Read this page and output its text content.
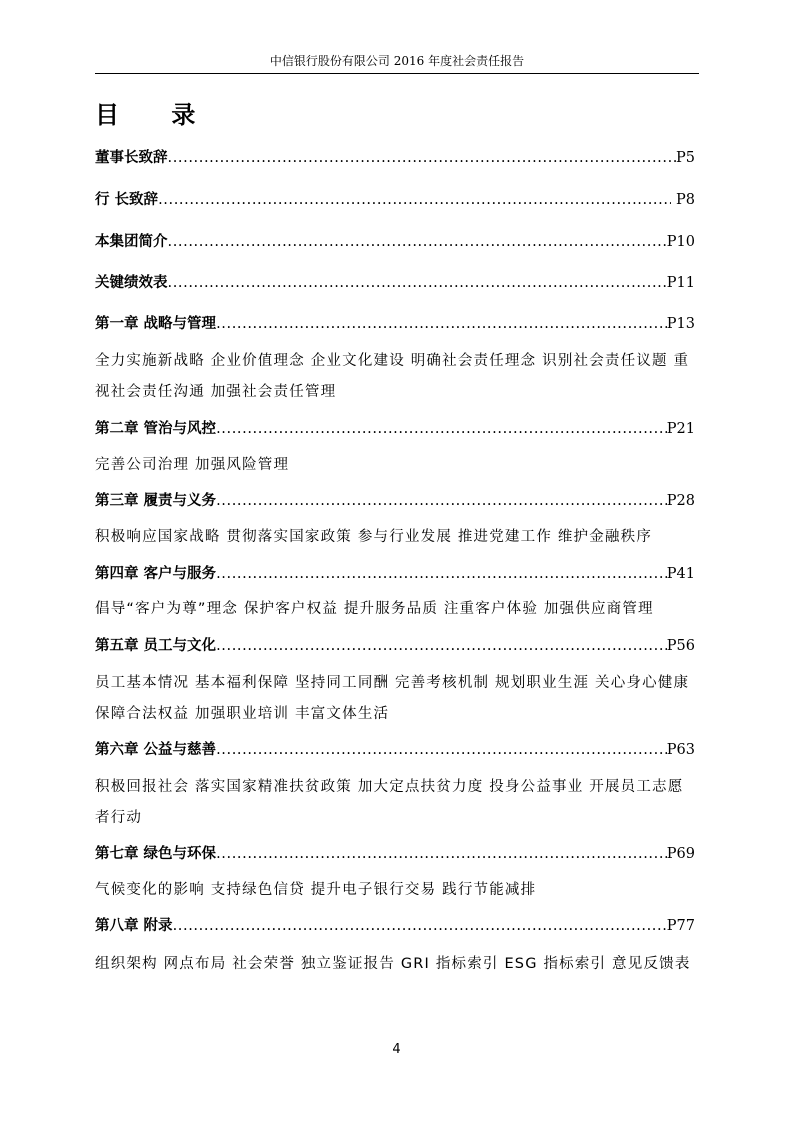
中信银行股份有限公司 2016 年度社会责任报告
目 录
董事长致辞 .....	P5
行 长致辞 .....	P8
本集团简介 .....	P10
关键绩效表 .....	P11
第一章 战略与管理 .....	P13
全力实施新战略 企业价值理念 企业文化建设 明确社会责任理念 识别社会责任议题 重视社会责任沟通 加强社会责任管理
第二章 管治与风控 .....	P21
完善公司治理 加强风险管理
第三章 履责与义务 .....	P28
积极响应国家战略 贯彻落实国家政策 参与行业发展 推进党建工作 维护金融秩序
第四章 客户与服务 .....	P41
倡导“客户为尊”理念 保护客户权益 提升服务品质 注重客户体验 加强供应商管理
第五章 员工与文化 .....	P56
员工基本情况 基本福利保障 坚持同工同酬 完善考核机制 规划职业生涯 关心身心健康 保障合法权益 加强职业培训 丰富文体生活
第六章 公益与慈善 .....	P63
积极回报社会 落实国家精准扶贫政策 加大定点扶贫力度 投身公益事业 开展员工志愿者行动
第七章 绿色与环保 .....	P69
气候变化的影响 支持绿色信贷 提升电子银行交易 践行节能减排
第八章 附录 .....	P77
组织架构 网点布局 社会荣誉 独立鉴证报告 GRI 指标索引 ESG 指标索引 意见反馈表
4
